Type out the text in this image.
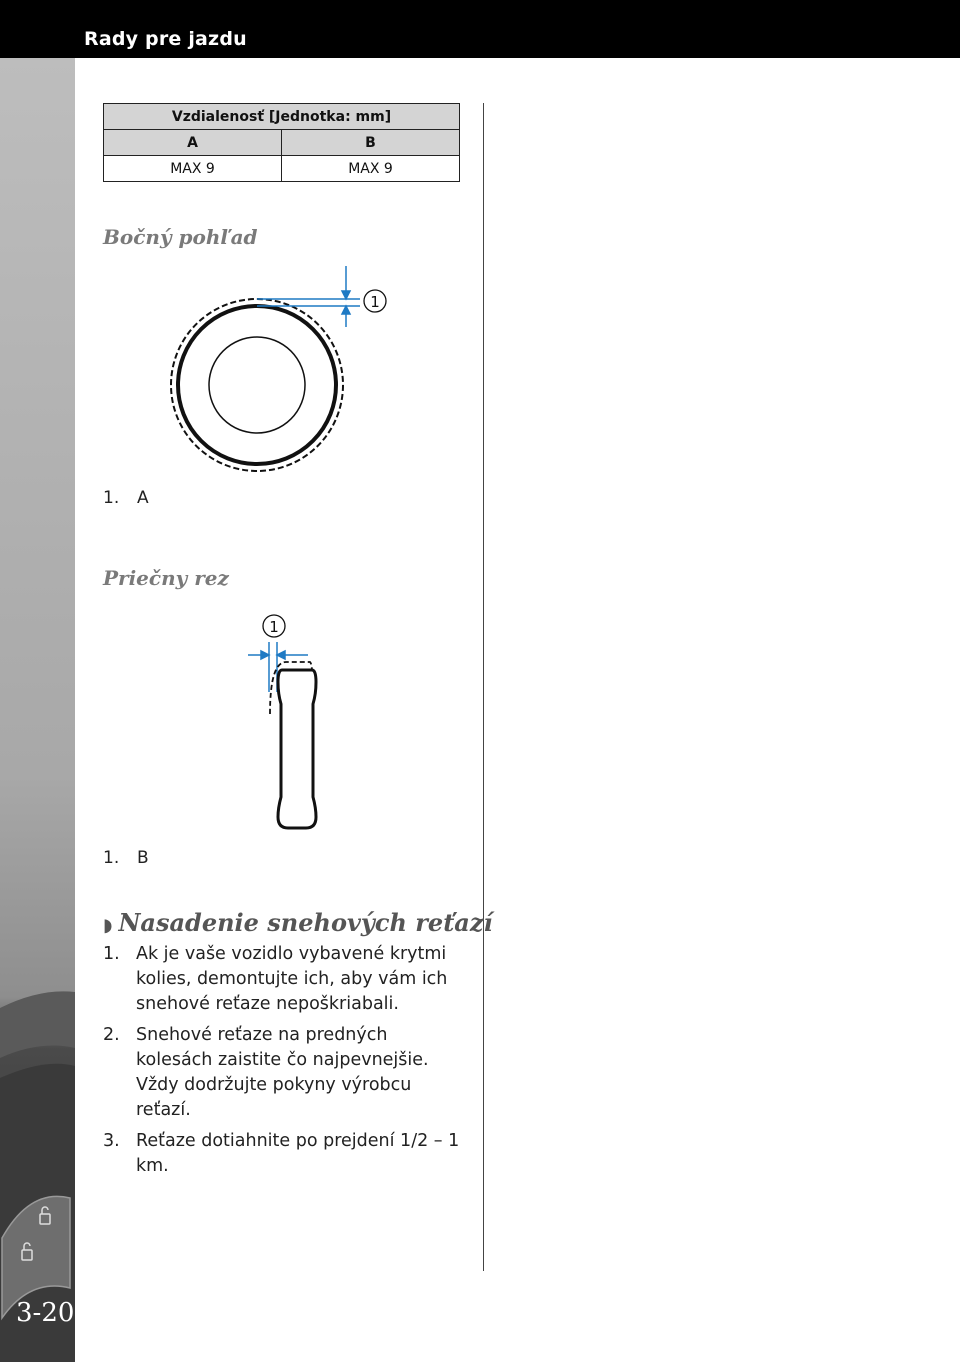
Rady pre jazdu
3-20
Vzdialenosť [Jednotka: mm]	
A	B
MAX 9	MAX 9
Bočný pohľad
1
1. A
Priečny rez
1
1. B
◗ Nasadenie snehových reťazí
1. Ak je vaše vozidlo vybavené krytmi kolies, demontujte ich, aby vám ich snehové reťaze nepoškriabali.
2. Snehové reťaze na predných kolesách zaistite čo najpevnejšie. Vždy dodržujte pokyny výrobcu reťazí.
3. Reťaze dotiahnite po prejdení 1/2 – 1 km.
